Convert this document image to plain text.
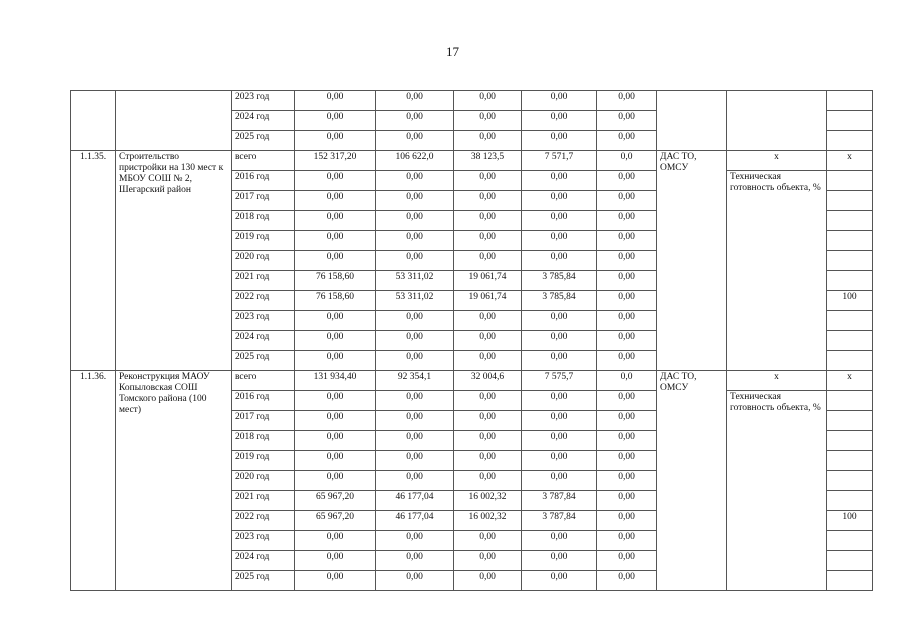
17
		2023 год	0,00	0,00	0,00	0,00	0,00			
		2024 год	0,00	0,00	0,00	0,00	0,00			
		2025 год	0,00	0,00	0,00	0,00	0,00			
1.1.35.	Строительство пристройки на 130 мест к МБОУ СОШ № 2, Шегарский район	всего	152 317,20	106 622,0	38 123,5	7 571,7	0,0	ДАС ТО, ОМСУ	x	x
		2016 год	0,00	0,00	0,00	0,00	0,00		Техническая готовность объекта, %	
		2017 год	0,00	0,00	0,00	0,00	0,00			
		2018 год	0,00	0,00	0,00	0,00	0,00			
		2019 год	0,00	0,00	0,00	0,00	0,00			
		2020 год	0,00	0,00	0,00	0,00	0,00			
		2021 год	76 158,60	53 311,02	19 061,74	3 785,84	0,00			
		2022 год	76 158,60	53 311,02	19 061,74	3 785,84	0,00			100
		2023 год	0,00	0,00	0,00	0,00	0,00			
		2024 год	0,00	0,00	0,00	0,00	0,00			
		2025 год	0,00	0,00	0,00	0,00	0,00			
1.1.36.	Реконструкция МАОУ Копыловская СОШ Томского района (100 мест)	всего	131 934,40	92 354,1	32 004,6	7 575,7	0,0	ДАС ТО, ОМСУ	x	x
		2016 год	0,00	0,00	0,00	0,00	0,00		Техническая готовность объекта, %	
		2017 год	0,00	0,00	0,00	0,00	0,00			
		2018 год	0,00	0,00	0,00	0,00	0,00			
		2019 год	0,00	0,00	0,00	0,00	0,00			
		2020 год	0,00	0,00	0,00	0,00	0,00			
		2021 год	65 967,20	46 177,04	16 002,32	3 787,84	0,00			
		2022 год	65 967,20	46 177,04	16 002,32	3 787,84	0,00			100
		2023 год	0,00	0,00	0,00	0,00	0,00			
		2024 год	0,00	0,00	0,00	0,00	0,00			
		2025 год	0,00	0,00	0,00	0,00	0,00			
